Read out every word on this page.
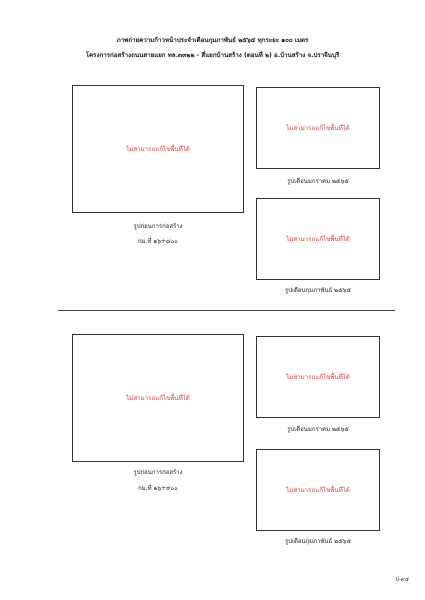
ภาพถ่ายความก้าวหน้าประจำเดือนกุมภาพันธ์ ๒๕๖๕ ทุกระยะ ๑๐๐ เมตร
โครงการก่อสร้างถนนสายแยก ทล.๓๓๒๒ - สี่แยกบ้านสร้าง (ตอนที่ ๒) อ.บ้านสร้าง จ.ปราจีนบุรี
ไม่สามารถแก้ไขพื้นที่ได้
รูปก่อนการก่อสร้าง
กม.ที่ ๑๖+๘๐๐
ไม่สามารถแก้ไขพื้นที่ได้
รูปเดือนมกราคม ๒๕๖๕
ไม่สามารถแก้ไขพื้นที่ได้
รูปเดือนกุมภาพันธ์ ๒๕๖๕
ไม่สามารถแก้ไขพื้นที่ได้
รูปก่อนการก่อสร้าง
กม.ที่ ๑๖+๙๐๐
ไม่สามารถแก้ไขพื้นที่ได้
รูปเดือนมกราคม ๒๕๖๕
ไม่สามารถแก้ไขพื้นที่ได้
รูปเดือนกุมภาพันธ์ ๒๕๖๕
ป-๙๕
